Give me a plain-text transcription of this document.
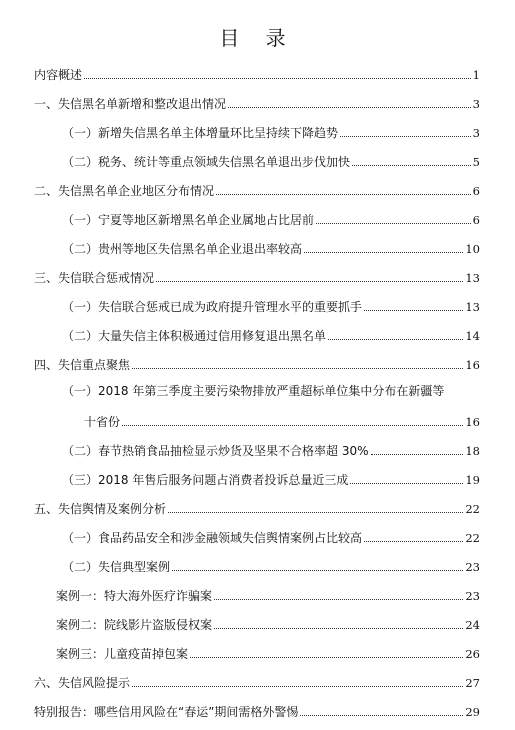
目 录
内容概述	1
一、失信黑名单新增和整改退出情况	3
（一）新增失信黑名单主体增量环比呈持续下降趋势	3
（二）税务、统计等重点领域失信黑名单退出步伐加快	5
二、失信黑名单企业地区分布情况	6
（一）宁夏等地区新增黑名单企业属地占比居前	6
（二）贵州等地区失信黑名单企业退出率较高	10
三、失信联合惩戒情况	13
（一）失信联合惩戒已成为政府提升管理水平的重要抓手	13
（二）大量失信主体积极通过信用修复退出黑名单	14
四、失信重点聚焦	16
（一）2018 年第三季度主要污染物排放严重超标单位集中分布在新疆等
十省份	16
（二）春节热销食品抽检显示炒货及坚果不合格率超 30%	18
（三）2018 年售后服务问题占消费者投诉总量近三成	19
五、失信舆情及案例分析	22
（一）食品药品安全和涉金融领域失信舆情案例占比较高	22
（二）失信典型案例	23
案例一：特大海外医疗诈骗案	23
案例二：院线影片盗版侵权案	24
案例三：儿童疫苗掉包案	26
六、失信风险提示	27
特别报告：哪些信用风险在“春运”期间需格外警惕	29
